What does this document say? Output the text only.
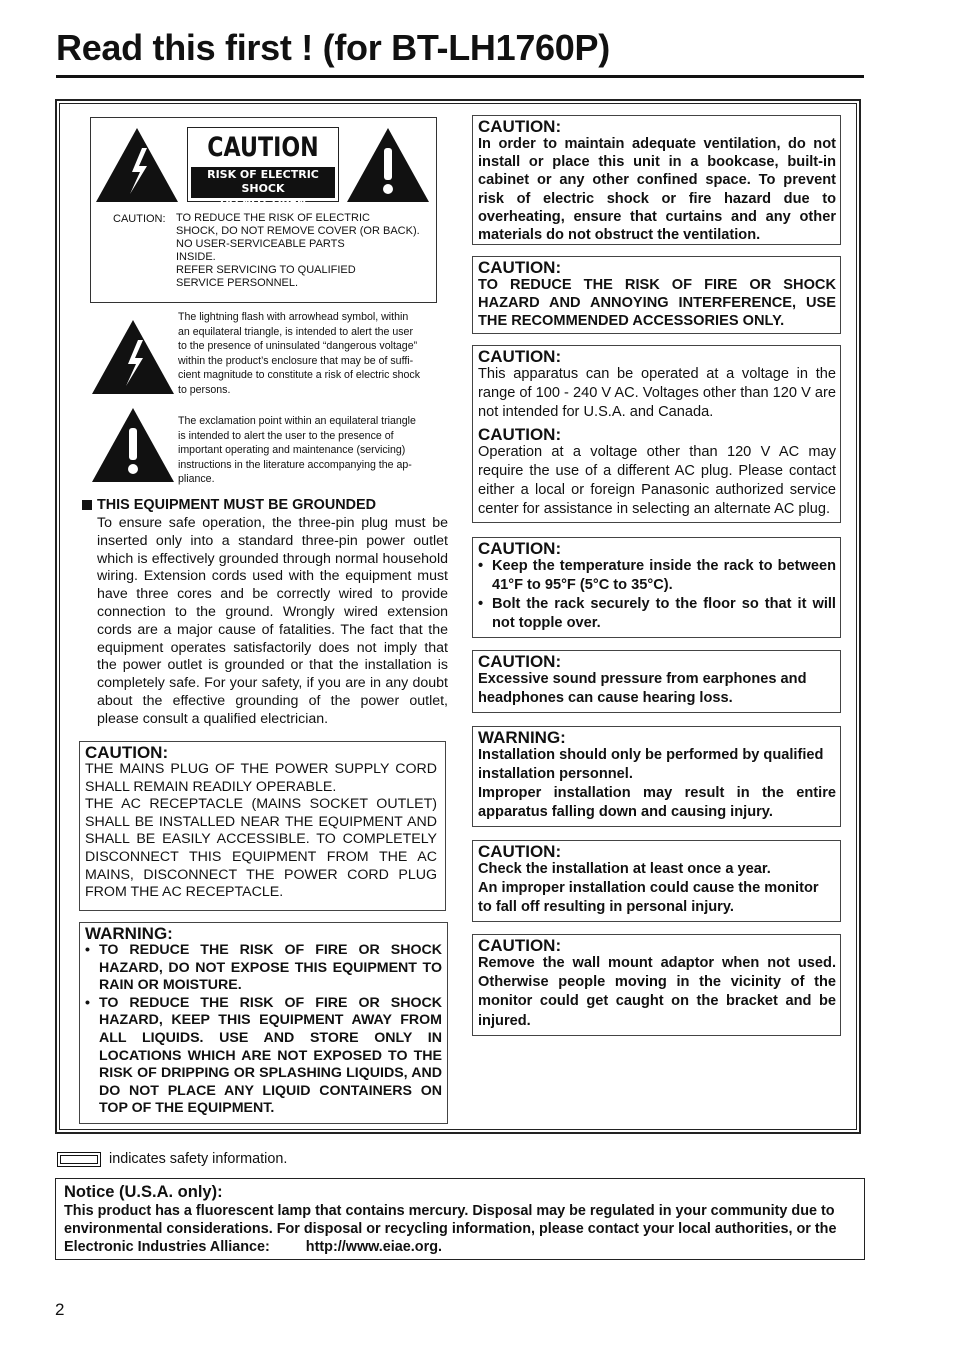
Read this first ! (for BT-LH1760P)
CAUTION
RISK OF ELECTRIC SHOCK
DO NOT OPEN
CAUTION: TO REDUCE THE RISK OF ELECTRIC
SHOCK, DO NOT REMOVE COVER (OR BACK).
NO USER-SERVICEABLE PARTS
INSIDE.
REFER SERVICING TO QUALIFIED
SERVICE PERSONNEL.
The lightning flash with arrowhead symbol, within
an equilateral triangle, is intended to alert the user
to the presence of uninsulated “dangerous voltage”
within the product’s enclosure that may be of suffi-
cient magnitude to constitute a risk of electric shock
to persons.
The exclamation point within an equilateral triangle
is intended to alert the user to the presence of
important operating and maintenance (servicing)
instructions in the literature accompanying the ap-
pliance.
THIS EQUIPMENT MUST BE GROUNDED
To ensure safe operation, the three-pin plug must be inserted only into a standard three-pin power outlet which is effectively grounded through normal household wiring. Extension cords used with the equipment must have three cores and be correctly wired to provide connection to the ground. Wrongly wired extension cords are a major cause of fatalities. The fact that the equipment operates satisfactorily does not imply that the power outlet is grounded or that the installation is completely safe. For your safety, if you are in any doubt about the effective grounding of the power outlet, please consult a qualified electrician.
CAUTION:

THE MAINS PLUG OF THE POWER SUPPLY CORD SHALL REMAIN READILY OPERABLE.

THE AC RECEPTACLE (MAINS SOCKET OUTLET) SHALL BE INSTALLED NEAR THE EQUIPMENT AND SHALL BE EASILY ACCESSIBLE. TO COMPLETELY DISCONNECT THIS EQUIPMENT FROM THE AC MAINS, DISCONNECT THE POWER CORD PLUG FROM THE AC RECEPTACLE.

WARNING:
• TO REDUCE THE RISK OF FIRE OR SHOCK HAZARD, DO NOT EXPOSE THIS EQUIPMENT TO RAIN OR MOISTURE.
• TO REDUCE THE RISK OF FIRE OR SHOCK HAZARD, KEEP THIS EQUIPMENT AWAY FROM ALL LIQUIDS. USE AND STORE ONLY IN LOCATIONS WHICH ARE NOT EXPOSED TO THE RISK OF DRIPPING OR SPLASHING LIQUIDS, AND DO NOT PLACE ANY LIQUID CONTAINERS ON TOP OF THE EQUIPMENT.
CAUTION:

In order to maintain adequate ventilation, do not install or place this unit in a bookcase, built-in cabinet or any other confined space. To prevent risk of electric shock or fire hazard due to overheating, ensure that curtains and any other materials do not obstruct the ventilation.

CAUTION:

TO REDUCE THE RISK OF FIRE OR SHOCK HAZARD AND ANNOYING INTERFERENCE, USE THE RECOMMENDED ACCESSORIES ONLY.

CAUTION:

This apparatus can be operated at a voltage in the range of 100 - 240 V AC. Voltages other than 120 V are not intended for U.S.A. and Canada.

CAUTION:

Operation at a voltage other than 120 V AC may require the use of a different AC plug. Please contact either a local or foreign Panasonic authorized service center for assistance in selecting an alternate AC plug.

CAUTION:
• Keep the temperature inside the rack to between 41°F to 95°F (5°C to 35°C).
• Bolt the rack securely to the floor so that it will not topple over.
CAUTION:

Excessive sound pressure from earphones and headphones can cause hearing loss.

WARNING:

Installation should only be performed by qualified installation personnel.

Improper installation may result in the entire apparatus falling down and causing injury.

CAUTION:

Check the installation at least once a year.

An improper installation could cause the monitor to fall off resulting in personal injury.

CAUTION:

Remove the wall mount adaptor when not used. Otherwise people moving in the vicinity of the monitor could get caught on the bracket and be injured.

indicates safety information.
Notice (U.S.A. only):
This product has a fluorescent lamp that contains mercury. Disposal may be regulated in your community due to environmental considerations. For disposal or recycling information, please contact your local authorities, or the Electronic Industries Alliance:	http://www.eiae.org.
2
